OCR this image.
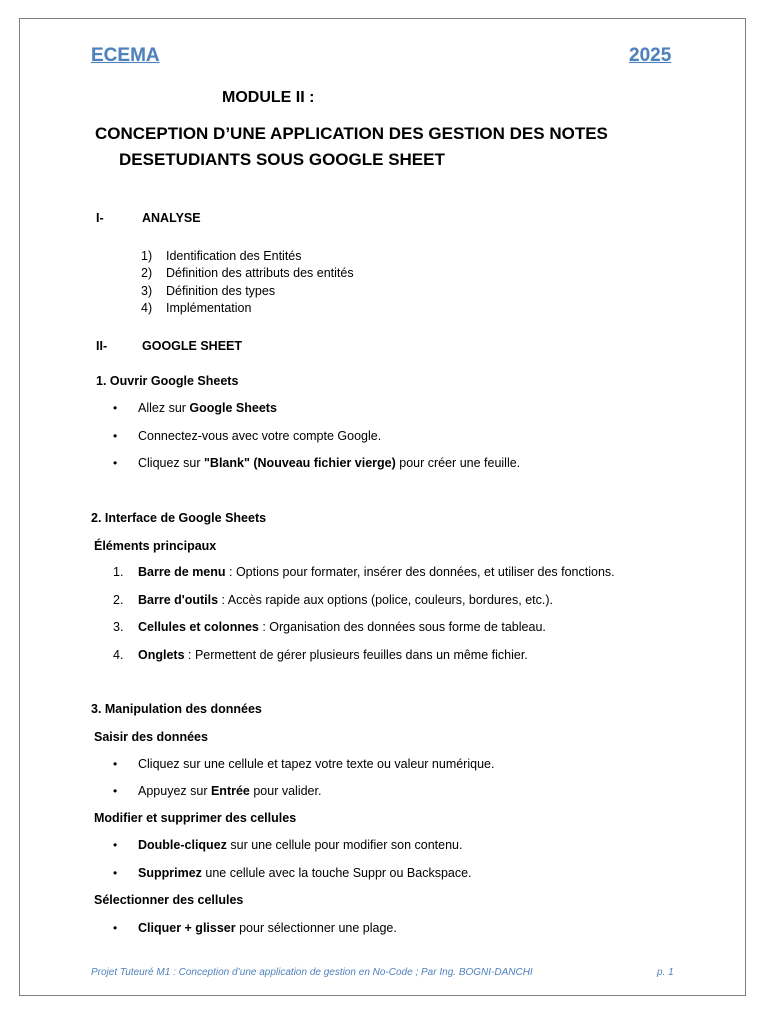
ECEMA	2025
MODULE II :
CONCEPTION D’UNE APPLICATION DES GESTION DES NOTES
DESETUDIANTS SOUS GOOGLE SHEET
I-	ANALYSE
1) Identification des Entités
2) Définition des attributs des entités
3) Définition des types
4) Implémentation
II-	GOOGLE SHEET
1. Ouvrir Google Sheets
• Allez sur Google Sheets
• Connectez-vous avec votre compte Google.
• Cliquez sur "Blank" (Nouveau fichier vierge) pour créer une feuille.
2. Interface de Google Sheets
Éléments principaux
1. Barre de menu : Options pour formater, insérer des données, et utiliser des fonctions.
2. Barre d'outils : Accès rapide aux options (police, couleurs, bordures, etc.).
3. Cellules et colonnes : Organisation des données sous forme de tableau.
4. Onglets : Permettent de gérer plusieurs feuilles dans un même fichier.
3. Manipulation des données
Saisir des données
• Cliquez sur une cellule et tapez votre texte ou valeur numérique.
• Appuyez sur Entrée pour valider.
Modifier et supprimer des cellules
• Double-cliquez sur une cellule pour modifier son contenu.
• Supprimez une cellule avec la touche Suppr ou Backspace.
Sélectionner des cellules
• Cliquer + glisser pour sélectionner une plage.
Projet Tuteuré M1 : Conception d’une application de gestion en No-Code ; Par Ing. BOGNI-DANCHI	p. 1
